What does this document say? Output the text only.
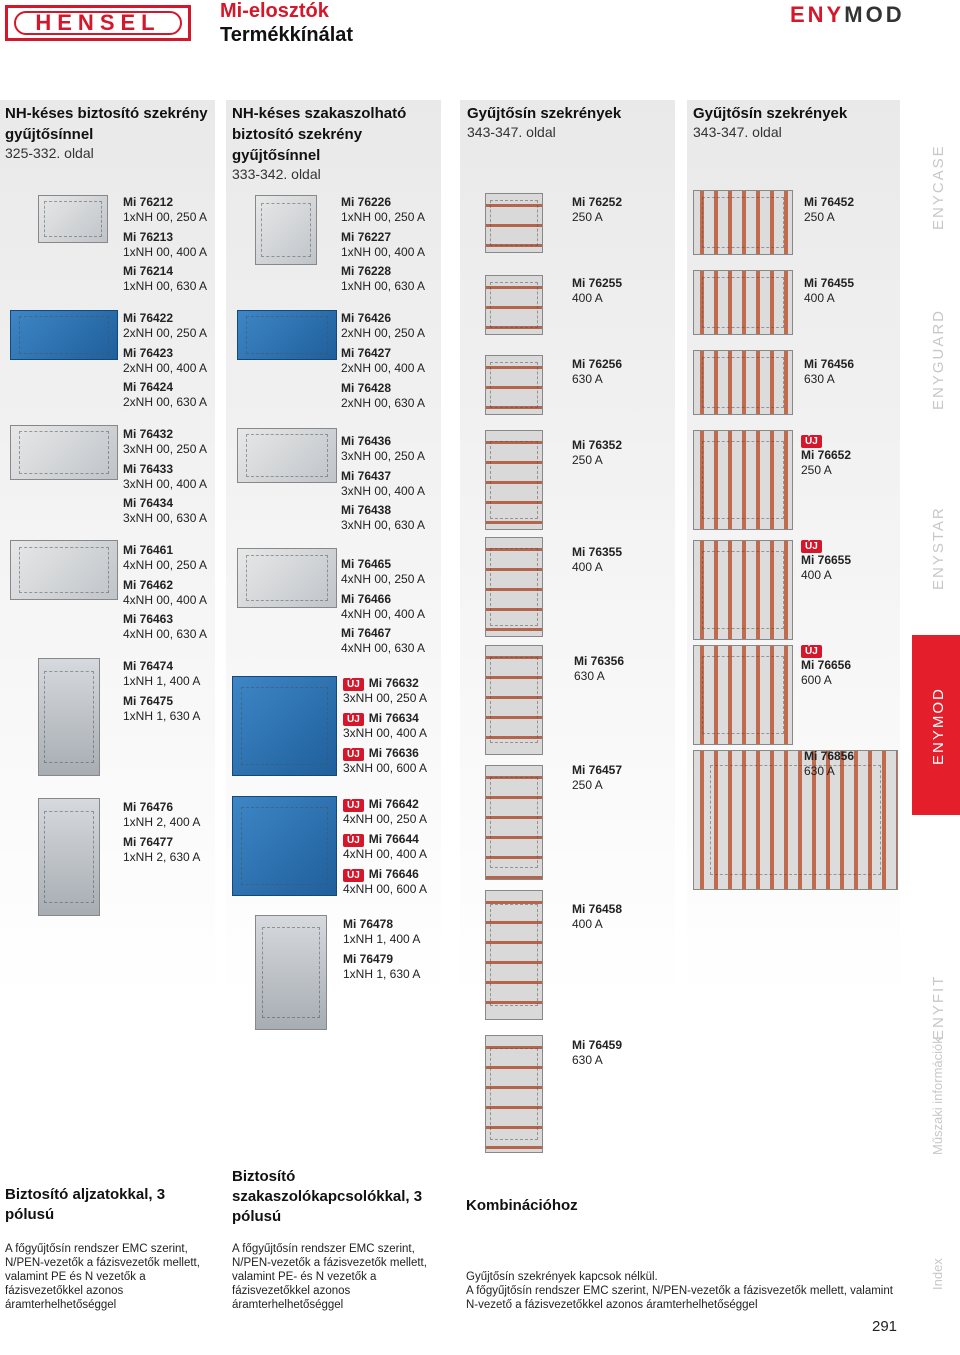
HENSEL	Mi-elosztók
Termékkínálat
ENYMOD
NH-késes biztosító szekrény gyűjtősínnel
325-332. oldal
NH-késes szakaszolható biztosító szekrény gyűjtősínnel
333-342. oldal
Gyűjtősín szekrények
343-347. oldal
Gyűjtősín szekrények
343-347. oldal
Mi 76212
1xNH 00, 250 A
Mi 76213
1xNH 00, 400 A
Mi 76214
1xNH 00, 630 A
Mi 76422
2xNH 00, 250 A
Mi 76423
2xNH 00, 400 A
Mi 76424
2xNH 00, 630 A
Mi 76432
3xNH 00, 250 A
Mi 76433
3xNH 00, 400 A
Mi 76434
3xNH 00, 630 A
Mi 76461
4xNH 00, 250 A
Mi 76462
4xNH 00, 400 A
Mi 76463
4xNH 00, 630 A
Mi 76474
1xNH 1, 400 A
Mi 76475
1xNH 1, 630 A
Mi 76476
1xNH 2, 400 A
Mi 76477
1xNH 2, 630 A
Mi 76226
1xNH 00, 250 A
Mi 76227
1xNH 00, 400 A
Mi 76228
1xNH 00, 630 A
Mi 76426
2xNH 00, 250 A
Mi 76427
2xNH 00, 400 A
Mi 76428
2xNH 00, 630 A
Mi 76436
3xNH 00, 250 A
Mi 76437
3xNH 00, 400 A
Mi 76438
3xNH 00, 630 A
Mi 76465
4xNH 00, 250 A
Mi 76466
4xNH 00, 400 A
Mi 76467
4xNH 00, 630 A
ÚJ Mi 76632
3xNH 00, 250 A
ÚJ Mi 76634
3xNH 00, 400 A
ÚJ Mi 76636
3xNH 00, 600 A
ÚJ Mi 76642
4xNH 00, 250 A
ÚJ Mi 76644
4xNH 00, 400 A
ÚJ Mi 76646
4xNH 00, 600 A
Mi 76478
1xNH 1, 400 A
Mi 76479
1xNH 1, 630 A
Mi 76252
250 A
Mi 76255
400 A
Mi 76256
630 A
Mi 76352
250 A
Mi 76355
400 A
Mi 76356
630 A
Mi 76457
250 A
Mi 76458
400 A
Mi 76459
630 A
Mi 76452
250 A
Mi 76455
400 A
Mi 76456
630 A
ÚJ
Mi 76652
250 A
ÚJ
Mi 76655
400 A
ÚJ
Mi 76656
600 A
Mi 76856
630 A
Biztosító aljzatokkal, 3 pólusú
Biztosító szakaszolókapcsolókkal, 3 pólusú
Kombinációhoz
A főgyűjtősín rendszer EMC szerint, N/PEN-vezetők a fázisvezetők mellett, valamint PE és N vezetők a fázisvezetőkkel azonos áramterhelhetőséggel
A főgyűjtősín rendszer EMC szerint, N/PEN-vezetők a fázisvezetők mellett, valamint PE- és N vezetők a fázisvezetőkkel azonos áramterhelhetőséggel
Gyűjtősín szekrények kapcsok nélkül.
A főgyűjtősín rendszer EMC szerint, N/PEN-vezetők a fázisvezetők mellett, valamint N-vezető a fázisvezetőkkel azonos áramterhelhetőséggel
ENYCASE
ENYGUARD
ENYSTAR
ENYFIT
Műszaki információk
Index
ENYMOD
291
